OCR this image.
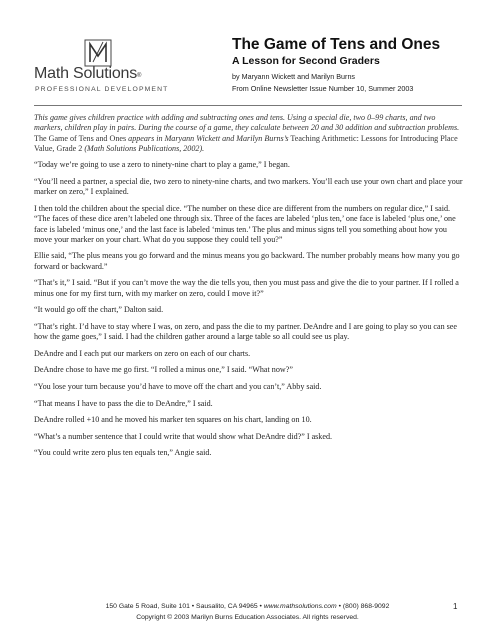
Math Solutions®
PROFESSIONAL DEVELOPMENT
The Game of Tens and Ones
A Lesson for Second Graders
by Maryann Wickett and Marilyn Burns
From Online Newsletter Issue Number 10, Summer 2003

This game gives children practice with adding and subtracting ones and tens. Using a special die, two 0–99 charts, and two markers, children play in pairs. During the course of a game, they calculate between 20 and 30 addition and subtraction problems. The Game of Tens and Ones appears in Maryann Wickett and Marilyn Burns’s Teaching Arithmetic: Lessons for Introducing Place Value, Grade 2 (Math Solutions Publications, 2002).

“Today we’re going to use a zero to ninety-nine chart to play a game,” I began.

“You’ll need a partner, a special die, two zero to ninety-nine charts, and two markers. You’ll each use your own chart and place your marker on zero,” I explained.

I then told the children about the special dice. “The number on these dice are different from the numbers on regular dice,” I said. “The faces of these dice aren’t labeled one through six. Three of the faces are labeled ‘plus ten,’ one face is labeled ‘plus one,’ one face is labeled ‘minus one,’ and the last face is labeled ‘minus ten.’ The plus and minus signs tell you something about how you move your marker on your chart. What do you suppose they could tell you?”

Ellie said, “The plus means you go forward and the minus means you go backward. The number probably means how many you go forward or backward.”

“That’s it,” I said. “But if you can’t move the way the die tells you, then you must pass and give the die to your partner. If I rolled a minus one for my first turn, with my marker on zero, could I move it?”

“It would go off the chart,” Dalton said.

“That’s right. I’d have to stay where I was, on zero, and pass the die to my partner. DeAndre and I are going to play so you can see how the game goes,” I said. I had the children gather around a large table so all could see us play.

DeAndre and I each put our markers on zero on each of our charts.

DeAndre chose to have me go first. “I rolled a minus one,” I said. “What now?”

“You lose your turn because you’d have to move off the chart and you can’t,” Abby said.

“That means I have to pass the die to DeAndre,” I said.

DeAndre rolled +10 and he moved his marker ten squares on his chart, landing on 10.

“What’s a number sentence that I could write that would show what DeAndre did?” I asked.

“You could write zero plus ten equals ten,” Angie said.

150 Gate 5 Road, Suite 101 • Sausalito, CA 94965 • www.mathsolutions.com • (800) 868-9092
Copyright © 2003 Marilyn Burns Education Associates. All rights reserved.
1
